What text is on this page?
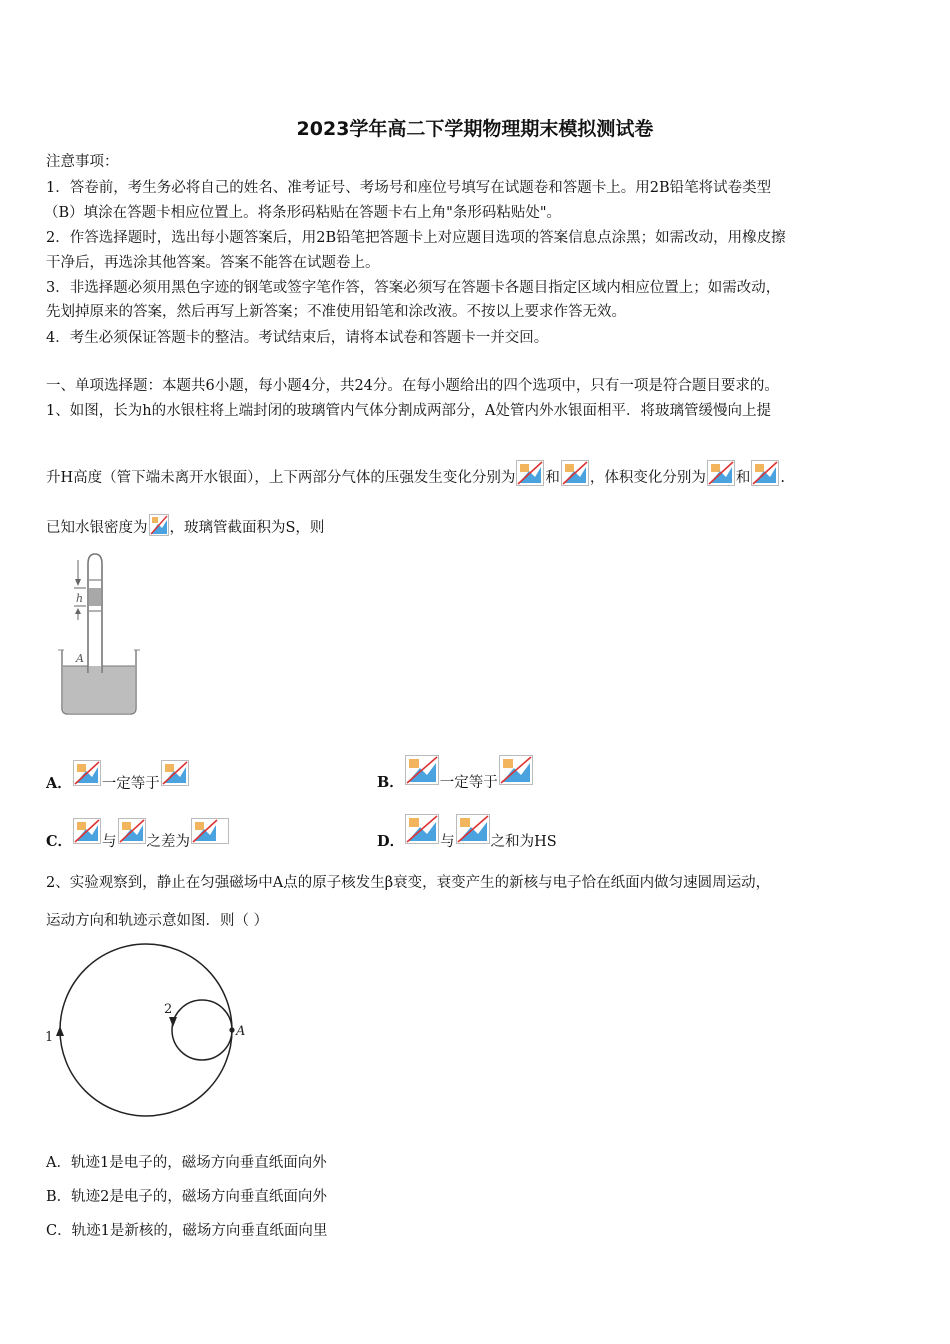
2023学年高二下学期物理期末模拟测试卷
注意事项：
1．答卷前，考生务必将自己的姓名、准考证号、考场号和座位号填写在试题卷和答题卡上。用2B铅笔将试卷类型
（B）填涂在答题卡相应位置上。将条形码粘贴在答题卡右上角"条形码粘贴处"。
2．作答选择题时，选出每小题答案后，用2B铅笔把答题卡上对应题目选项的答案信息点涂黑；如需改动，用橡皮擦
干净后，再选涂其他答案。答案不能答在试题卷上。
3．非选择题必须用黑色字迹的钢笔或签字笔作答，答案必须写在答题卡各题目指定区域内相应位置上；如需改动，
先划掉原来的答案，然后再写上新答案；不准使用铅笔和涂改液。不按以上要求作答无效。
4．考生必须保证答题卡的整洁。考试结束后，请将本试卷和答题卡一并交回。
一、单项选择题：本题共6小题，每小题4分，共24分。在每小题给出的四个选项中，只有一项是符合题目要求的。
1、如图，长为h的水银柱将上端封闭的玻璃管内气体分割成两部分，A处管内外水银面相平．将玻璃管缓慢向上提
升H高度（管下端未离开水银面），上下两部分气体的压强发生变化分别为 和 ，体积变化分别为 和 .
已知水银密度为 ，玻璃管截面积为S，则
h
A
A． 一定等于	B． 一定等于
C． 与 之差为	D． 与 之和为HS
2、实验观察到，静止在匀强磁场中A点的原子核发生β衰变，衰变产生的新核与电子恰在纸面内做匀速圆周运动，
运动方向和轨迹示意如图．则（ ）
1
2
A
A．轨迹1是电子的，磁场方向垂直纸面向外
B．轨迹2是电子的，磁场方向垂直纸面向外
C．轨迹1是新核的，磁场方向垂直纸面向里
